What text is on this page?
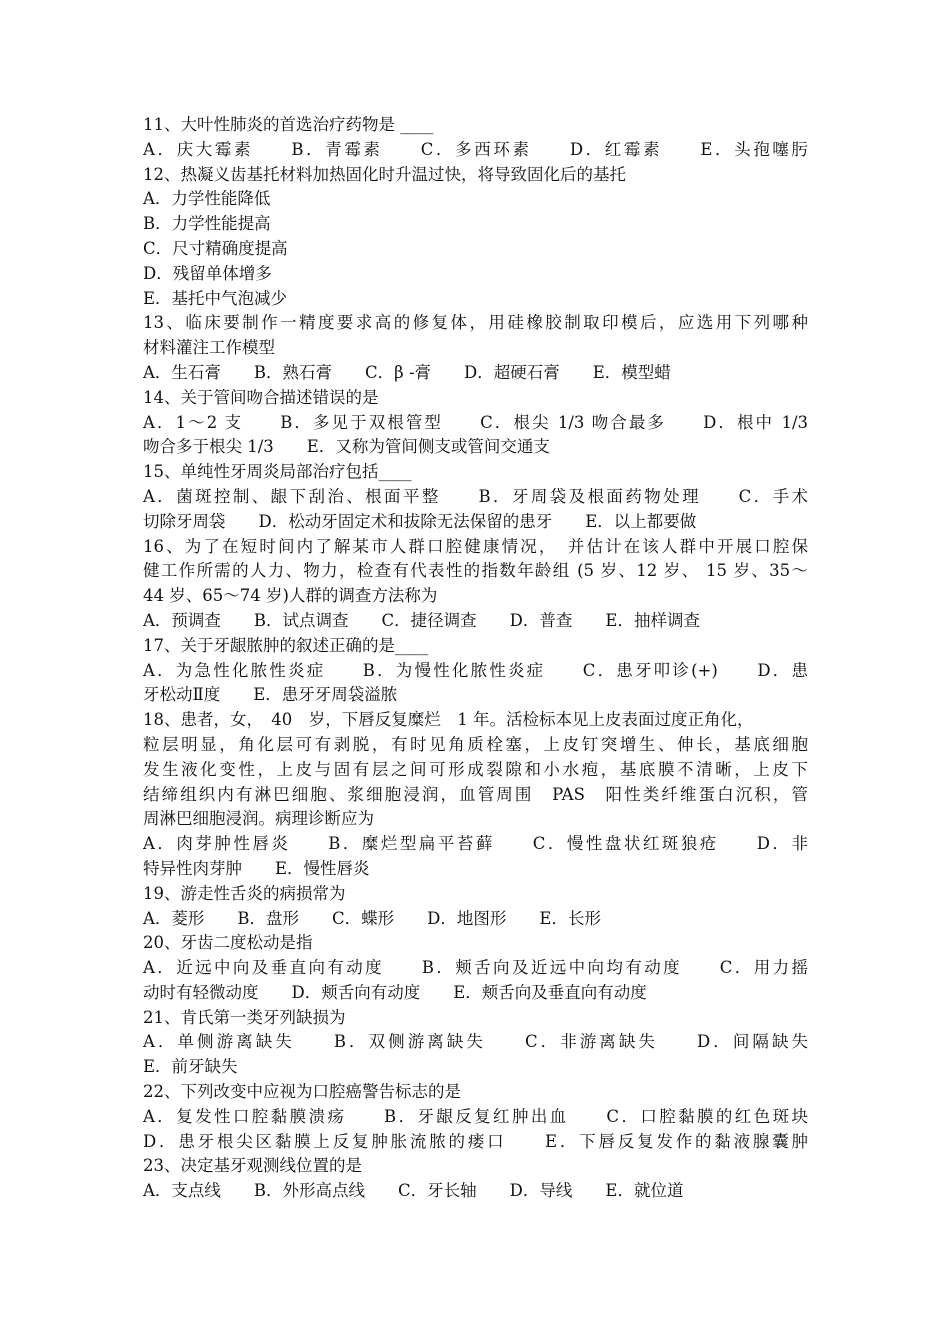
11、大叶性肺炎的首选治疗药物是 ____
A．庆大霉素　　B．青霉素　　C．多西环素　　D．红霉素　　E．头孢噻肟
12、热凝义齿基托材料加热固化时升温过快，将导致固化后的基托
A．力学性能降低
B．力学性能提高
C．尺寸精确度提高
D．残留单体增多
E．基托中气泡减少
13、临床要制作一精度要求高的修复体，用硅橡胶制取印模后，应选用下列哪种
材料灌注工作模型
A．生石膏　　B．熟石膏　　C．β -膏　　D．超硬石膏　　E．模型蜡
14、关于管间吻合描述错误的是
A．1～2 支　　B．多见于双根管型　　C．根尖 1/3 吻合最多　　D．根中 1/3
吻合多于根尖 1/3　　E．又称为管间侧支或管间交通支
15、单纯性牙周炎局部治疗包括____
A．菌斑控制、龈下刮治、根面平整　　B．牙周袋及根面药物处理　　C．手术
切除牙周袋　　D．松动牙固定术和拔除无法保留的患牙　　E．以上都要做
16、为了在短时间内了解某市人群口腔健康情况，　并估计在该人群中开展口腔保
健工作所需的人力、物力，检查有代表性的指数年龄组 (5 岁、12 岁、 15 岁、35～
44 岁、65～74 岁)人群的调查方法称为
A．预调查　　B．试点调查　　C．捷径调查　　D．普查　　E．抽样调查
17、关于牙龈脓肿的叙述正确的是____
A．为急性化脓性炎症　　B．为慢性化脓性炎症　　C．患牙叩诊(+)　　D．患
牙松动Ⅱ度　　E．患牙牙周袋溢脓
18、患者，女，　40　岁，下唇反复糜烂　1 年。活检标本见上皮表面过度正角化，
粒层明显，角化层可有剥脱，有时见角质栓塞，上皮钉突增生、伸长，基底细胞
发生液化变性，上皮与固有层之间可形成裂隙和小水疱，基底膜不清晰，上皮下
结缔组织内有淋巴细胞、浆细胞浸润，血管周围　PAS　阳性类纤维蛋白沉积，管
周淋巴细胞浸润。病理诊断应为
A．肉芽肿性唇炎　　B．糜烂型扁平苔藓　　C．慢性盘状红斑狼疮　　D．非
特异性肉芽肿　　E．慢性唇炎
19、游走性舌炎的病损常为
A．菱形　　B．盘形　　C．蝶形　　D．地图形　　E．长形
20、牙齿二度松动是指
A．近远中向及垂直向有动度　　B．颊舌向及近远中向均有动度　　C．用力摇
动时有轻微动度　　D．颊舌向有动度　　E．颊舌向及垂直向有动度
21、肯氏第一类牙列缺损为
A．单侧游离缺失　　B．双侧游离缺失　　C．非游离缺失　　D．间隔缺失
E．前牙缺失
22、下列改变中应视为口腔癌警告标志的是
A．复发性口腔黏膜溃疡　　B．牙龈反复红肿出血　　C．口腔黏膜的红色斑块
D．患牙根尖区黏膜上反复肿胀流脓的瘘口　　E．下唇反复发作的黏液腺囊肿
23、决定基牙观测线位置的是
A．支点线　　B．外形高点线　　C．牙长轴　　D．导线　　E．就位道
